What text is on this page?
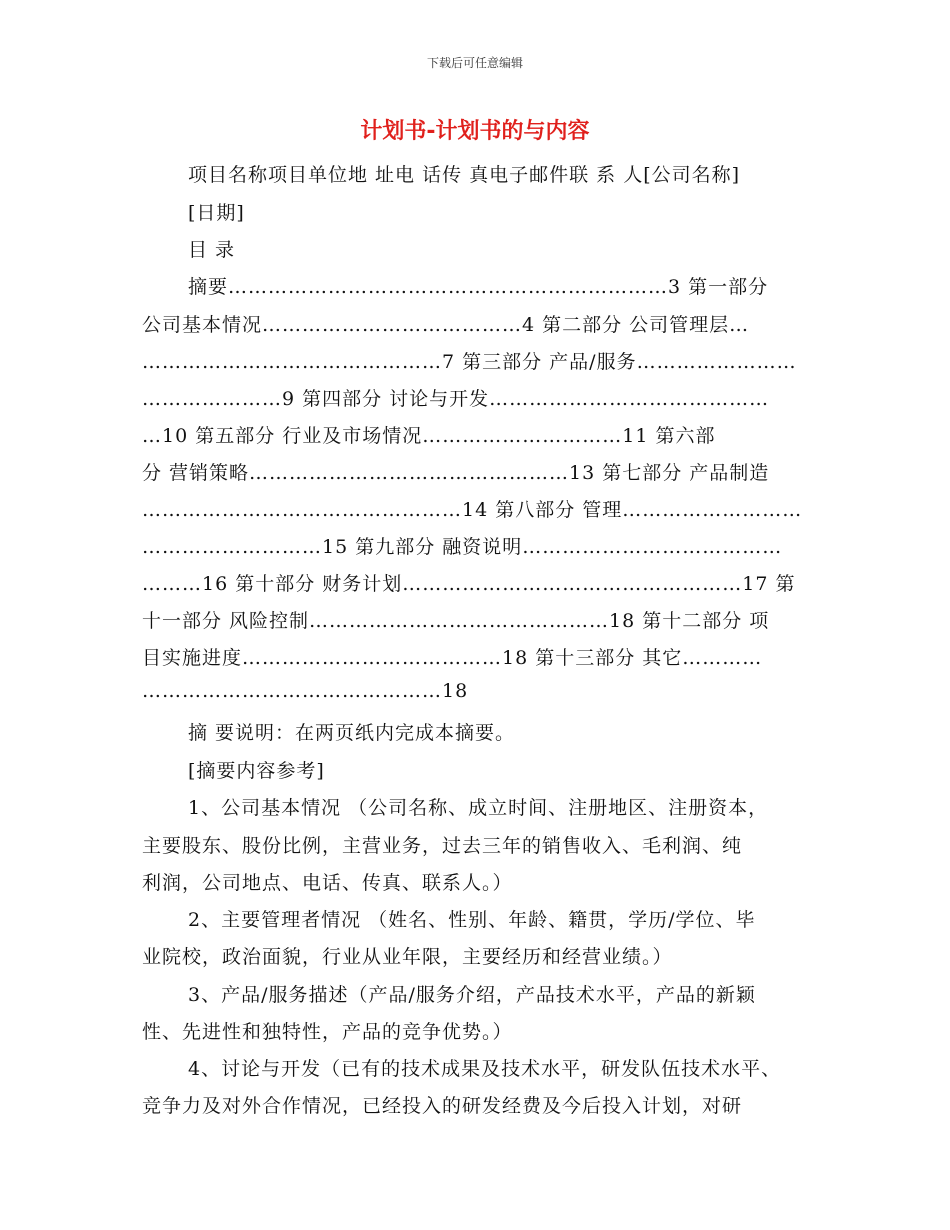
下载后可任意编辑
计划书-计划书的与内容
项目名称项目单位地 址电 话传 真电子邮件联 系 人[公司名称]
[日期]
目 录
摘要…………………………………………………………3 第一部分
公司基本情况…………………………………4 第二部分 公司管理层…
………………………………………7 第三部分 产品/服务……………………
…………………9 第四部分 讨论与开发……………………………………
…10 第五部分 行业及市场情况…………………………11 第六部
分 营销策略…………………………………………13 第七部分 产品制造
…………………………………………14 第八部分 管理………………………
………………………15 第九部分 融资说明…………………………………
………16 第十部分 财务计划……………………………………………17 第
十一部分 风险控制………………………………………18 第十二部分 项
目实施进度…………………………………18 第十三部分 其它…………
………………………………………18
摘 要说明：在两页纸内完成本摘要。
[摘要内容参考]
1、公司基本情况 （公司名称、成立时间、注册地区、注册资本，
主要股东、股份比例，主营业务，过去三年的销售收入、毛利润、纯
利润，公司地点、电话、传真、联系人。）
2、主要管理者情况 （姓名、性别、年龄、籍贯，学历/学位、毕
业院校，政治面貌，行业从业年限，主要经历和经营业绩。）
3、产品/服务描述（产品/服务介绍，产品技术水平，产品的新颖
性、先进性和独特性，产品的竞争优势。）
4、讨论与开发（已有的技术成果及技术水平，研发队伍技术水平、
竞争力及对外合作情况，已经投入的研发经费及今后投入计划，对研
